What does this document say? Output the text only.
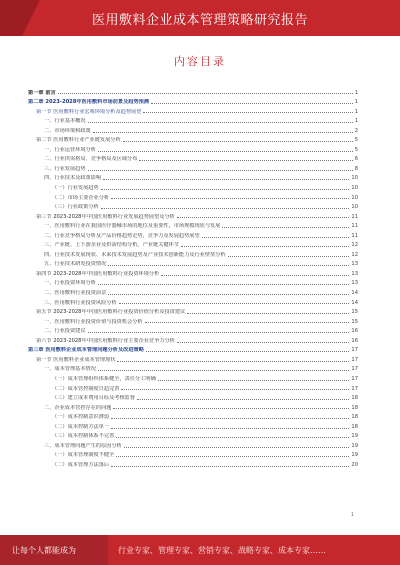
医用敷料企业成本管理策略研究报告
内容目录
第一章 前言	1
第二章 2023-2028年医用敷料市场前景及趋势预测	1
第一节 医用敷料行业宏观环境分析及趋势展望	1
一、行业基本概况	1
二、市场环境和政策	2
第二节 医用敷料行业产业链发展分析	5
一、行业运营环境分析	5
二、行业供需格局、竞争格局及区域分布	6
三、行业发展趋势	8
四、行业技术及政策影响	10
（一）行业发展趋势	10
（二）市场主要企业分析	10
（三）行业政策分析	10
第三节 2023-2028年中国医用敷料行业发展趋势展望及分析	11
一、医用敷料行业在我国医疗器械市场的地位及重要性，市场规模现状与发展	11
二、行业竞争格局分析及产品价格趋势走势，竞争力及发展趋势展望	11
三、产业链、上下游企业及供需结构分析，产业链关键环节	12
四、行业技术发展现状、未来技术发展趋势及产业技术创新能力及行业壁垒分析	12
五、行业技术研发投资情况	13
第四节 2023-2028年中国医用敷料行业投资环境分析	13
一、行业投资环境分析	13
二、医用敷料行业投资前景	14
三、医用敷料行业投资风险分析	14
第五节 2023-2028年中国医用敷料行业投资价值分析及投资建议	15
一、医用敷料行业投资价值与投资机会分析	15
二、行业投资建议	16
第六节 2023-2028年中国医用敷料行业主要企业竞争力分析	16
第三章 医用敷料企业成本管理问题分析及改进策略	17
第一节 医用敷料企业成本管理现状	17
一、成本管理基本情况	17
（一）成本管理组织体系健全，责任分工明确	17
（二）成本管控制度日趋完善	17
（三）建立成本费用目标及考核监督	18
二、企业成本管控存在的问题	18
（一）成本控制意识薄弱	18
（二）成本控制方法单一	18
（三）成本控制体系不完善	19
三、成本管理问题产生的原因分析	19
（一）成本管理制度不健全	19
（二）成本管理方法落后	20
1
让每个人都能成为	行业专家、管理专家、营销专家、战略专家、成本专家……
